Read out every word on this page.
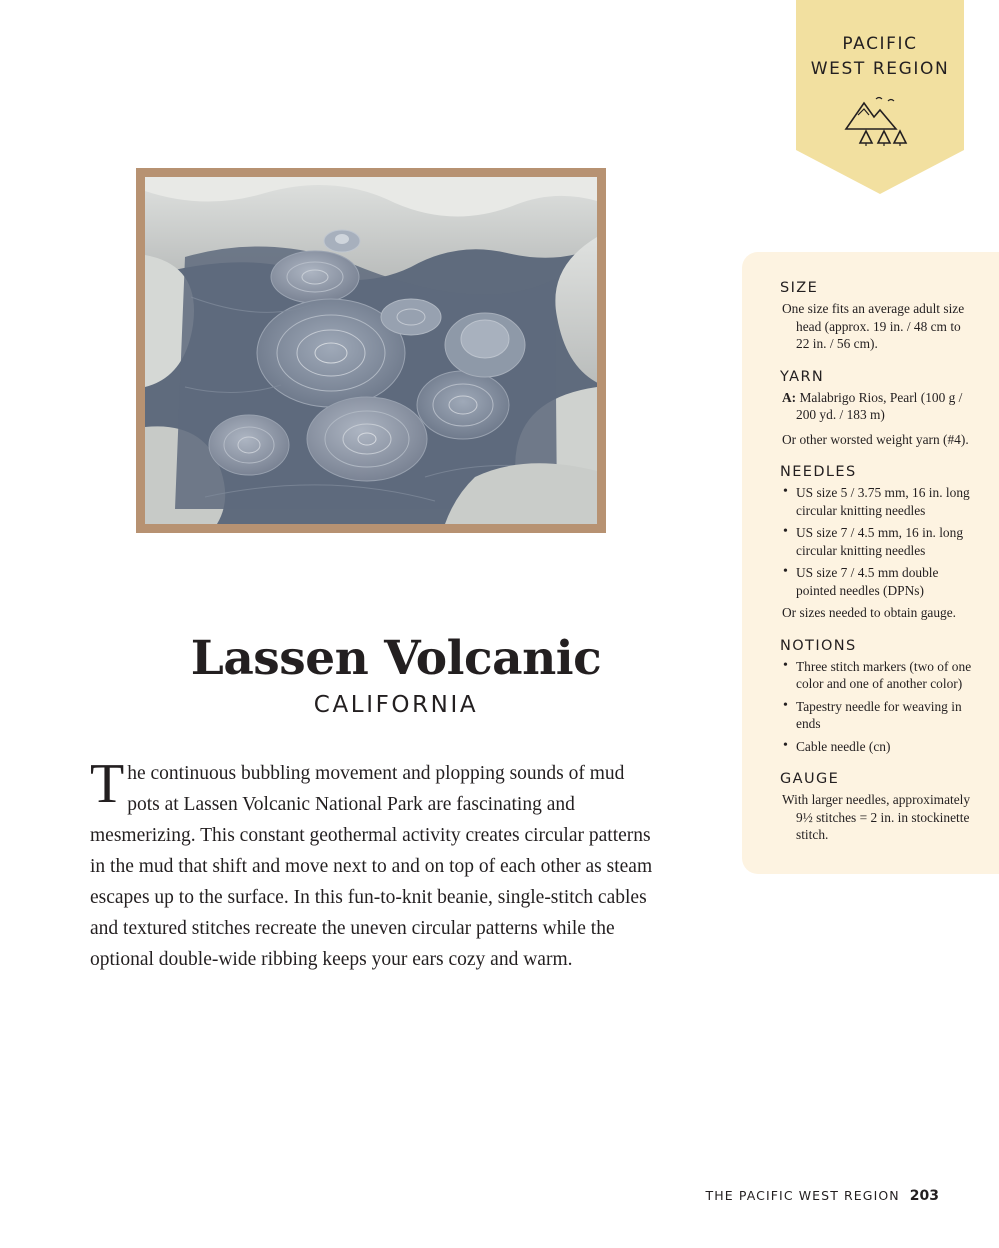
PACIFIC
WEST REGION
Lassen Volcanic
CALIFORNIA
The continuous bubbling movement and plopping sounds of mud pots at Lassen Volcanic National Park are fascinating and mesmerizing. This constant geothermal activity creates circular patterns in the mud that shift and move next to and on top of each other as steam escapes up to the surface. In this fun-to-knit beanie, single-stitch cables and textured stitches recreate the uneven circular patterns while the optional double-wide ribbing keeps your ears cozy and warm.
SIZE

One size fits an average adult size head (approx. 19 in. / 48 cm to 22 in. / 56 cm).

YARN

A: Malabrigo Rios, Pearl (100 g / 200 yd. / 183 m)

Or other worsted weight yarn (#4).

NEEDLES
• US size 5 / 3.75 mm, 16 in. long circular knitting needles
• US size 7 / 4.5 mm, 16 in. long circular knitting needles
• US size 7 / 4.5 mm double pointed needles (DPNs)

Or sizes needed to obtain gauge.

NOTIONS
• Three stitch markers (two of one color and one of another color)
• Tapestry needle for weaving in ends
• Cable needle (cn)
GAUGE

With larger needles, approximately 9½ stitches = 2 in. in stockinette stitch.

THE PACIFIC WEST REGION 203
